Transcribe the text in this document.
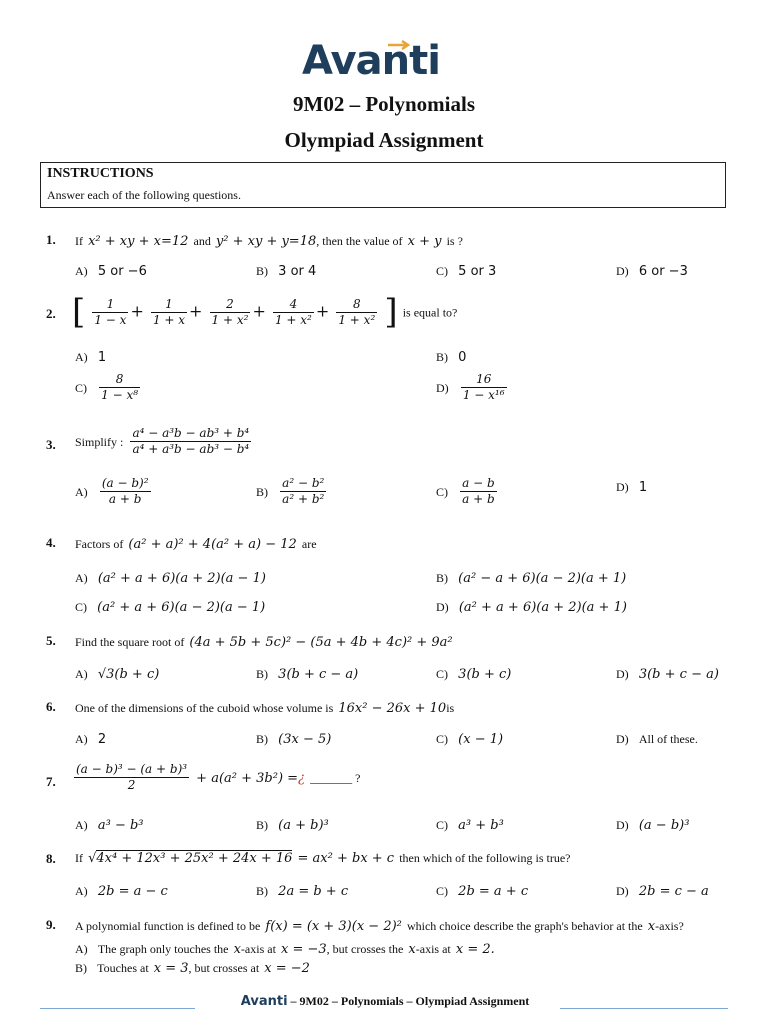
Avanti
9M02 – Polynomials
Olympiad Assignment
INSTRUCTIONS
Answer each of the following questions.
1. If x² + xy + x=12 and y² + xy + y=18, then the value of x + y is ?
A) 5 or −6	B) 3 or 4	C) 5 or 3	D) 6 or −3
2. [ $\frac{1}{1 - x} + \frac{1}{1 + x} + \frac{2}{\text{1 + x²}} + \frac{4}{\text{1 + x²}} + \frac{8}{\text{1 + x²}}$ ] is equal to?
A) 1	B) 0
$C) \frac{8}{\text{1 − x⁸}}$	$D) \frac{16}{\text{1 − x¹⁶}}$
3. Simplify : $\frac{\text{a⁴ − a³b − ab³ + b⁴}}{\text{a⁴ + a³b − ab³ − b⁴}}$
$A) \frac{\text{(a − b)²}}{a + b}$	$B) \frac{\text{a² − b²}}{\text{a² + b²}}$	$C) \frac{a - b}{a + b}$	D) 1
4. Factors of (a² + a)² + 4(a² + a) − 12 are
A) (a² + a + 6)(a + 2)(a − 1)	B) (a² − a + 6)(a − 2)(a + 1)
C) (a² + a + 6)(a − 2)(a − 1)	D) (a² + a + 6)(a + 2)(a + 1)
5. Find the square root of (4a + 5b + 5c)² − (5a + 4b + 4c)² + 9a²
A) √3(b + c)	B) 3(b + c − a)	C) 3(b + c)	D) 3(b + c − a)
6. One of the dimensions of the cuboid whose volume is 16x² − 26x + 10is
A) 2	B) (3x − 5)	C) (x − 1)	D) All of these.
7. $\frac{\text{(a − b)³ − (a + b)³}}{2} + a(a^2 + 3b^2)$ =¿ _______ ?
A) a³ − b³	B) (a + b)³	C) a³ + b³	D) (a − b)³
8. If √4x⁴ + 12x³ + 25x² + 24x + 16 = ax² + bx + c then which of the following is true?
A) 2b = a − c	B) 2a = b + c	C) 2b = a + c	D) 2b = c − a
9. A polynomial function is defined to be f(x) = (x + 3)(x − 2)² which choice describe the graph's behavior at the x-axis?
A) The graph only touches the x-axis at x = −3, but crosses the x-axis at x = 2.
B) Touches at x = 3, but crosses at x = −2
Avanti – 9M02 – Polynomials – Olympiad Assignment
